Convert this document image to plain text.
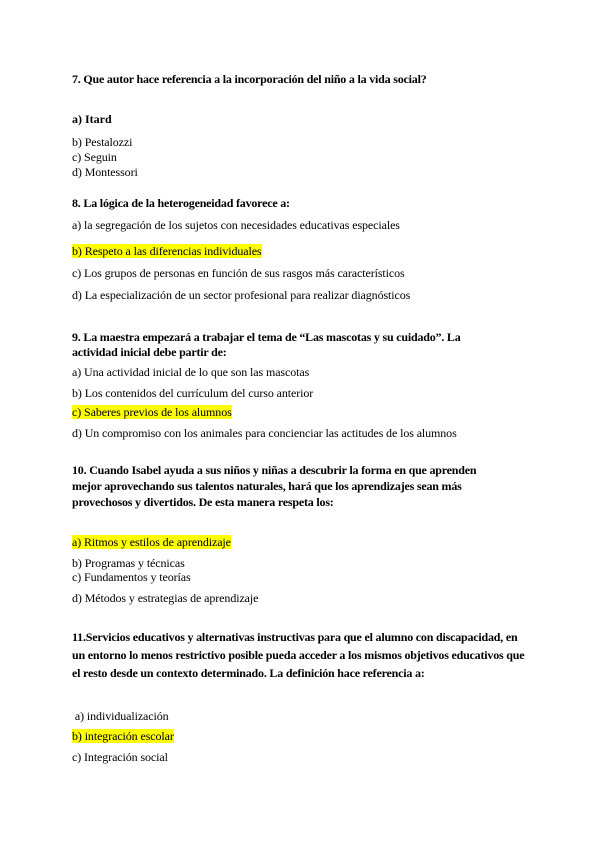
7. Que autor hace referencia a la incorporación del niño a la vida social?
a) Itard
b) Pestalozzi
c) Seguin
d) Montessori
8. La lógica de la heterogeneidad favorece a:
a) la segregación de los sujetos con necesidades educativas especiales
b) Respeto a las diferencias individuales
c) Los grupos de personas en función de sus rasgos más característicos
d) La especialización de un sector profesional para realizar diagnósticos
9. La maestra empezará a trabajar el tema de “Las mascotas y su cuidado”. La
actividad inicial debe partir de:
a) Una actividad inicial de lo que son las mascotas
b) Los contenidos del currículum del curso anterior
c) Saberes previos de los alumnos
d) Un compromiso con los animales para concienciar las actitudes de los alumnos
10. Cuando Isabel ayuda a sus niños y niñas a descubrir la forma en que aprenden
mejor aprovechando sus talentos naturales, hará que los aprendizajes sean más
provechosos y divertidos. De esta manera respeta los:
a) Ritmos y estilos de aprendizaje
b) Programas y técnicas
c) Fundamentos y teorías
d) Métodos y estrategias de aprendizaje
11.Servicios educativos y alternativas instructivas para que el alumno con discapacidad, en
un entorno lo menos restrictivo posible pueda acceder a los mismos objetivos educativos que
el resto desde un contexto determinado. La definición hace referencia a:
a) individualización
b) integración escolar
c) Integración social
